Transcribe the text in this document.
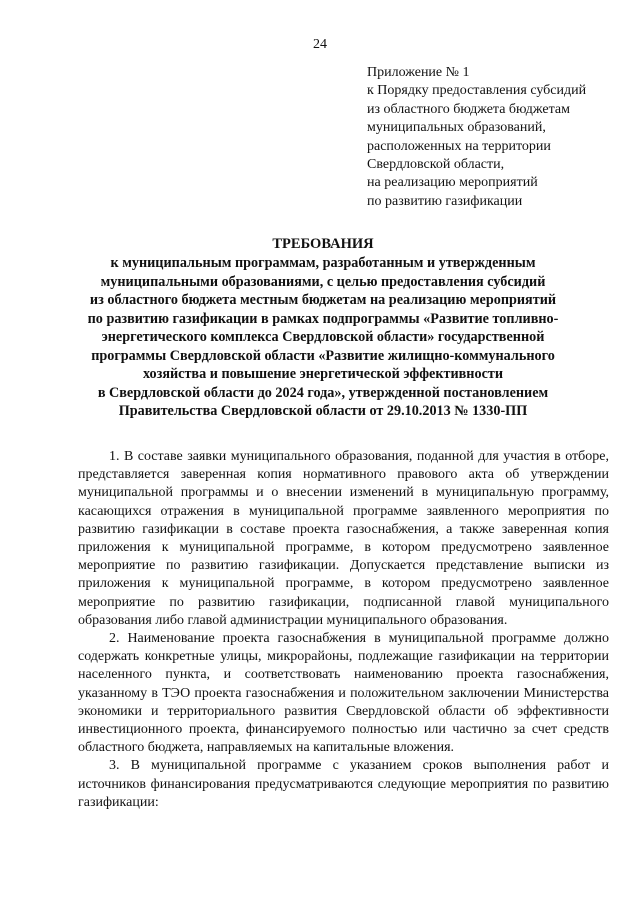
24
Приложение № 1
к Порядку предоставления субсидий
из областного бюджета бюджетам
муниципальных образований,
расположенных на территории
Свердловской области,
на реализацию мероприятий
по развитию газификации
ТРЕБОВАНИЯ
к муниципальным программам, разработанным и утвержденным
муниципальными образованиями, с целью предоставления субсидий
из областного бюджета местным бюджетам на реализацию мероприятий
по развитию газификации в рамках подпрограммы «Развитие топливно-
энергетического комплекса Свердловской области» государственной
программы Свердловской области «Развитие жилищно-коммунального
хозяйства и повышение энергетической эффективности
в Свердловской области до 2024 года», утвержденной постановлением
Правительства Свердловской области от 29.10.2013 № 1330-ПП

1. В составе заявки муниципального образования, поданной для участия в отборе, представляется заверенная копия нормативного правового акта об утверждении муниципальной программы и о внесении изменений в муниципальную программу, касающихся отражения в муниципальной программе заявленного мероприятия по развитию газификации в составе проекта газоснабжения, а также заверенная копия приложения к муниципальной программе, в котором предусмотрено заявленное мероприятие по развитию газификации. Допускается представление выписки из приложения к муниципальной программе, в котором предусмотрено заявленное мероприятие по развитию газификации, подписанной главой муниципального образования либо главой администрации муниципального образования.

2. Наименование проекта газоснабжения в муниципальной программе должно содержать конкретные улицы, микрорайоны, подлежащие газификации на территории населенного пункта, и соответствовать наименованию проекта газоснабжения, указанному в ТЭО проекта газоснабжения и положительном заключении Министерства экономики и территориального развития Свердловской области об эффективности инвестиционного проекта, финансируемого полностью или частично за счет средств областного бюджета, направляемых на капитальные вложения.

3. В муниципальной программе с указанием сроков выполнения работ и источников финансирования предусматриваются следующие мероприятия по развитию газификации:
